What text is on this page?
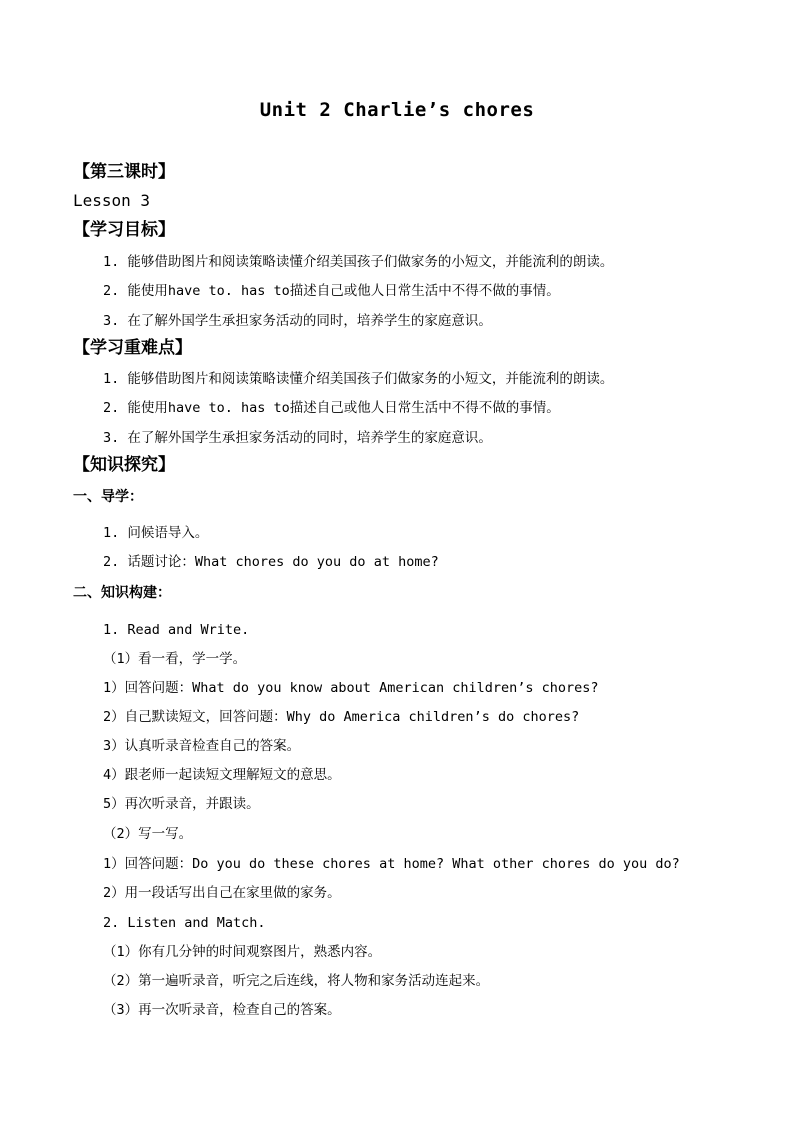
Unit 2 Charlie’s chores
【第三课时】
Lesson 3
【学习目标】
1. 能够借助图片和阅读策略读懂介绍美国孩子们做家务的小短文，并能流利的朗读。
2. 能使用have to. has to描述自己或他人日常生活中不得不做的事情。
3. 在了解外国学生承担家务活动的同时，培养学生的家庭意识。
【学习重难点】
1. 能够借助图片和阅读策略读懂介绍美国孩子们做家务的小短文，并能流利的朗读。
2. 能使用have to. has to描述自己或他人日常生活中不得不做的事情。
3. 在了解外国学生承担家务活动的同时，培养学生的家庭意识。
【知识探究】
一、导学：
1. 问候语导入。
2. 话题讨论：What chores do you do at home?
二、知识构建：
1. Read and Write.
（1）看一看，学一学。
1）回答问题：What do you know about American children’s chores?
2）自己默读短文，回答问题：Why do America children’s do chores?
3）认真听录音检查自己的答案。
4）跟老师一起读短文理解短文的意思。
5）再次听录音，并跟读。
（2）写一写。
1）回答问题：Do you do these chores at home? What other chores do you do?
2）用一段话写出自己在家里做的家务。
2. Listen and Match.
（1）你有几分钟的时间观察图片，熟悉内容。
（2）第一遍听录音，听完之后连线，将人物和家务活动连起来。
（3）再一次听录音，检查自己的答案。
